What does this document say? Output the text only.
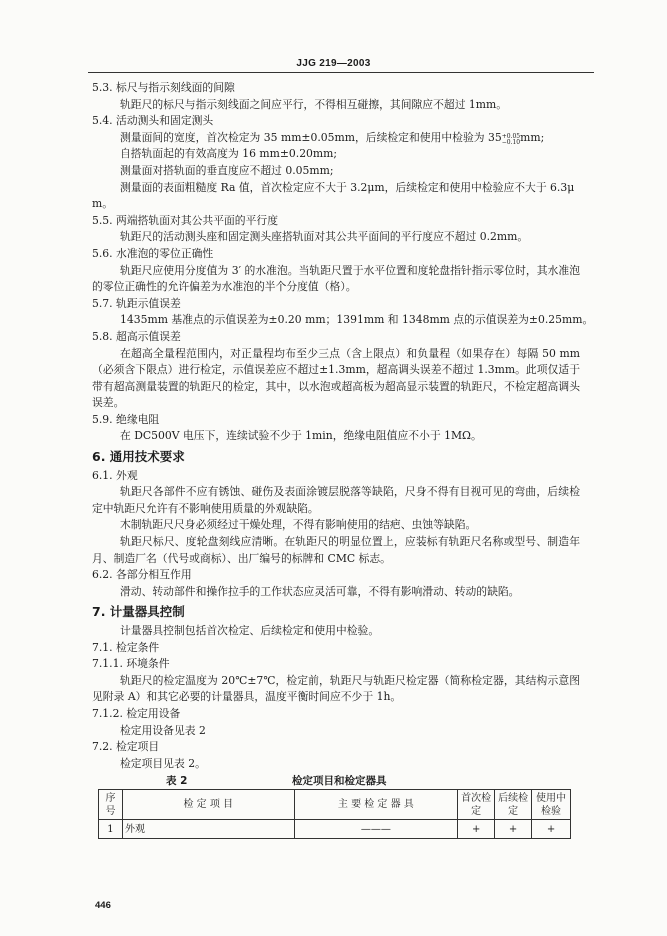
JJG 219—2003
5.3. 标尺与指示刻线面的间隙
轨距尺的标尺与指示刻线面之间应平行，不得相互碰擦，其间隙应不超过 1mm。
5.4. 活动测头和固定测头
测量面间的宽度，首次检定为 35 mm±0.05mm，后续检定和使用中检验为 35 +0.05
−0.10 mm;
自搭轨面起的有效高度为 16 mm±0.20mm;
测量面对搭轨面的垂直度应不超过 0.05mm;
测量面的表面粗糙度 Ra 值，首次检定应不大于 3.2μm，后续检定和使用中检验应不大于 6.3μ
m。
5.5. 两端搭轨面对其公共平面的平行度
轨距尺的活动测头座和固定测头座搭轨面对其公共平面间的平行度应不超过 0.2mm。
5.6. 水准泡的零位正确性
轨距尺应使用分度值为 3′ 的水准泡。当轨距尺置于水平位置和度轮盘指针指示零位时，其水准泡的零位正确性的允许偏差为水准泡的半个分度值（格）。
5.7. 轨距示值误差
1435mm 基准点的示值误差为±0.20 mm；1391mm 和 1348mm 点的示值误差为±0.25mm。
5.8. 超高示值误差
在超高全量程范围内，对正量程均布至少三点（含上限点）和负量程（如果存在）每隔 50 mm（必须含下限点）进行检定，示值误差应不超过±1.3mm，超高调头误差不超过 1.3mm。此项仅适于带有超高测量装置的轨距尺的检定，其中，以水泡或超高板为超高显示装置的轨距尺，不检定超高调头误差。
5.9. 绝缘电阻
在 DC500V 电压下，连续试验不少于 1min，绝缘电阻值应不小于 1MΩ。
6. 通用技术要求
6.1. 外观
轨距尺各部件不应有锈蚀、碰伤及表面涂镀层脱落等缺陷，尺身不得有目视可见的弯曲，后续检定中轨距尺允许有不影响使用质量的外观缺陷。
木制轨距尺尺身必须经过干燥处理，不得有影响使用的结疤、虫蚀等缺陷。
轨距尺标尺、度轮盘刻线应清晰。在轨距尺的明显位置上，应装标有轨距尺名称或型号、制造年月、制造厂名（代号或商标）、出厂编号的标牌和 CMC 标志。
6.2. 各部分相互作用
滑动、转动部件和操作拉手的工作状态应灵活可靠，不得有影响滑动、转动的缺陷。
7. 计量器具控制
计量器具控制包括首次检定、后续检定和使用中检验。
7.1. 检定条件
7.1.1. 环境条件
轨距尺的检定温度为 20℃±7℃，检定前，轨距尺与轨距尺检定器（简称检定器，其结构示意图见附录 A）和其它必要的计量器具，温度平衡时间应不少于 1h。
7.1.2. 检定用设备
检定用设备见表 2
7.2. 检定项目
检定项目见表 2。
表 2	检定项目和检定器具
序号	检 定 项 目	主 要 检 定 器 具	首次检定	后续检定	使用中检验
1	外观	———	+	+	+
446
